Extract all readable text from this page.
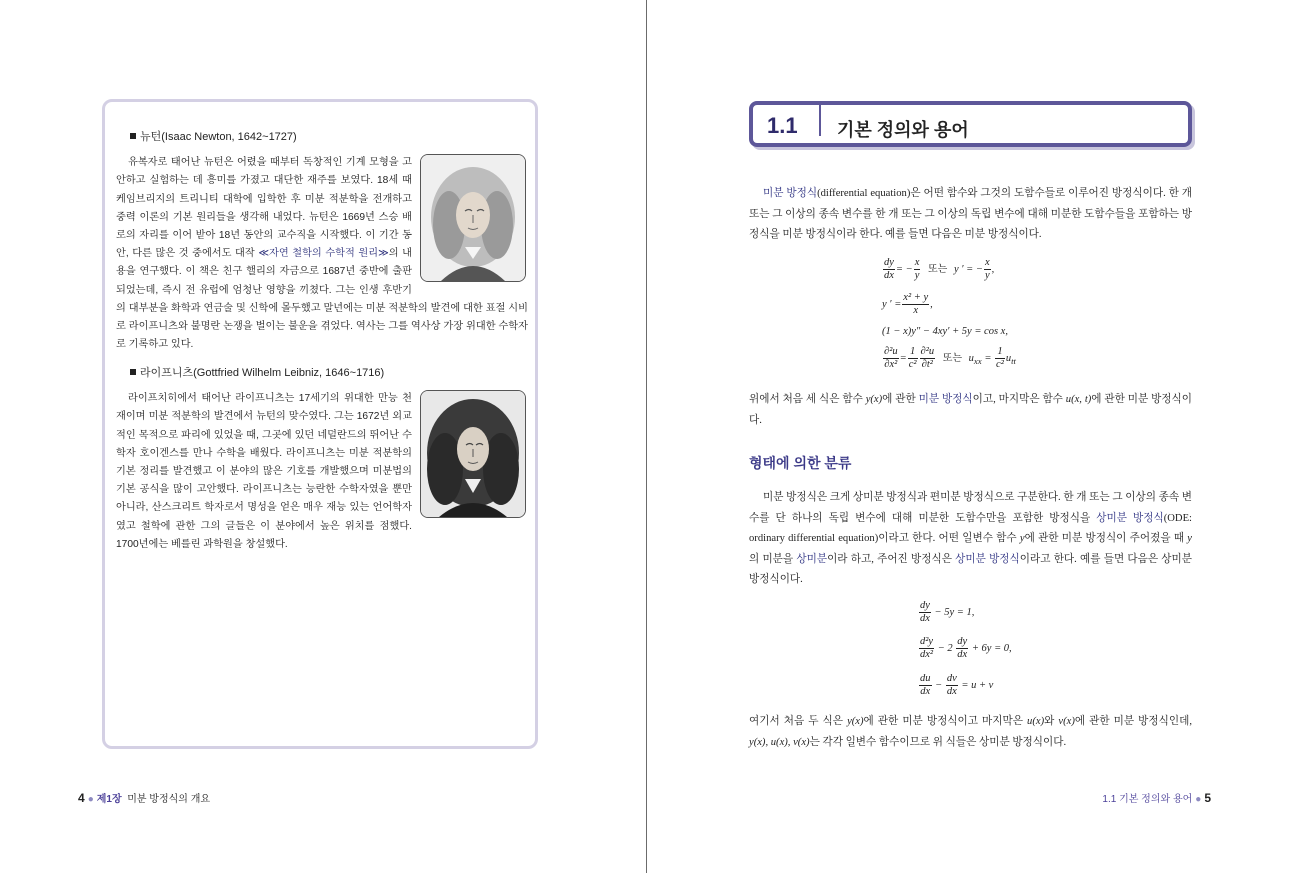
뉴턴(Isaac Newton, 1642~1727)

유복자로 태어난 뉴턴은 어렸을 때부터 독창적인 기계 모형을 고안하고 실험하는 데 흥미를 가졌고 대단한 재주를 보였다. 18세 때 케임브리지의 트리니티 대학에 입학한 후 미분 적분학을 전개하고 중력 이론의 기본 원리들을 생각해 내었다. 뉴턴은 1669년 스승 배로의 자리를 이어 받아 18년 동안의 교수직을 시작했다. 이 기간 동안, 다른 많은 것 중에서도 대작 ≪자연 철학의 수학적 원리≫의 내용을 연구했다. 이 책은 친구 핼리의 자금으로 1687년 중반에 출판되었는데, 즉시 전 유럽에 엄청난 영향을 끼쳤다. 그는 인생 후반기의 대부분을 화학과 연금술 및 신학에 몰두했고 말년에는 미분 적분학의 발견에 대한 표절 시비로 라이프니츠와 불명란 논쟁을 벌이는 불운을 겪었다. 역사는 그를 역사상 가장 위대한 수학자로 기록하고 있다.

라이프니츠(Gottfried Wilhelm Leibniz, 1646~1716)

라이프치히에서 태어난 라이프니츠는 17세기의 위대한 만능 천재이며 미분 적분학의 발견에서 뉴턴의 맞수였다. 그는 1672년 외교적인 목적으로 파리에 있었을 때, 그곳에 있던 네덜란드의 뛰어난 수학자 호이겐스를 만나 수학을 배웠다. 라이프니츠는 미분 적분학의 기본 정리를 발견했고 이 분야의 많은 기호를 개발했으며 미분법의 기본 공식을 많이 고안했다. 라이프니츠는 능란한 수학자였을 뿐만 아니라, 산스크리트 학자로서 명성을 얻은 매우 재능 있는 언어학자였고 철학에 관한 그의 글들은 이 분야에서 높은 위치를 점했다. 1700년에는 베를린 과학원을 창설했다.

4 ● 제1장 미분 방정식의 개요
1.1 기본 정의와 용어

미분 방정식(differential equation)은 어떤 함수와 그것의 도함수들로 이루어진 방정식이다. 한 개 또는 그 이상의 종속 변수를 한 개 또는 그 이상의 독립 변수에 대해 미분한 도함수들을 포함하는 방정식을 미분 방정식이라 한다. 예를 들면 다음은 미분 방정식이다.

$\frac{dy}{dx}$ = − $\frac{x}{y}$ 또는 y ′ = − $\frac{x}{y}$ ,
y ′ = $\frac{\text{x² + y}}{x}$ ,
(1 − x)y″ − 4xy′ + 5y = cos x,
$\frac{\text{∂²u}}{\text{∂x²}} = \frac{1}{\text{c²}} \frac{\text{∂²u}}{\text{∂t²}}$ 또는 $u_{xx} = \frac{1}{\text{c²}} u_{tt}$

위에서 처음 세 식은 함수 y(x)에 관한 미분 방정식이고, 마지막은 함수 u(x, t)에 관한 미분 방정식이다.

형태에 의한 분류

미분 방정식은 크게 상미분 방정식과 편미분 방정식으로 구분한다. 한 개 또는 그 이상의 종속 변수를 단 하나의 독립 변수에 대해 미분한 도함수만을 포함한 방정식을 상미분 방정식(ODE: ordinary differential equation)이라고 한다. 어떤 일변수 함수 y에 관한 미분 방정식이 주어졌을 때 y의 미분을 상미분이라 하고, 주어진 방정식은 상미분 방정식이라고 한다. 예를 들면 다음은 상미분 방정식이다.

$\frac{dy}{dx} - 5y = 1$,
$\frac{\text{d²y}}{\text{dx²}} - 2 \frac{dy}{dx} + 6y = 0$,
$\frac{du}{dx} - \frac{dv}{dx} = u + v$

여기서 처음 두 식은 y(x)에 관한 미분 방정식이고 마지막은 u(x)와 v(x)에 관한 미분 방정식인데, y(x), u(x), v(x)는 각각 일변수 함수이므로 위 식들은 상미분 방정식이다.

1.1 기본 정의와 용어 ● 5
